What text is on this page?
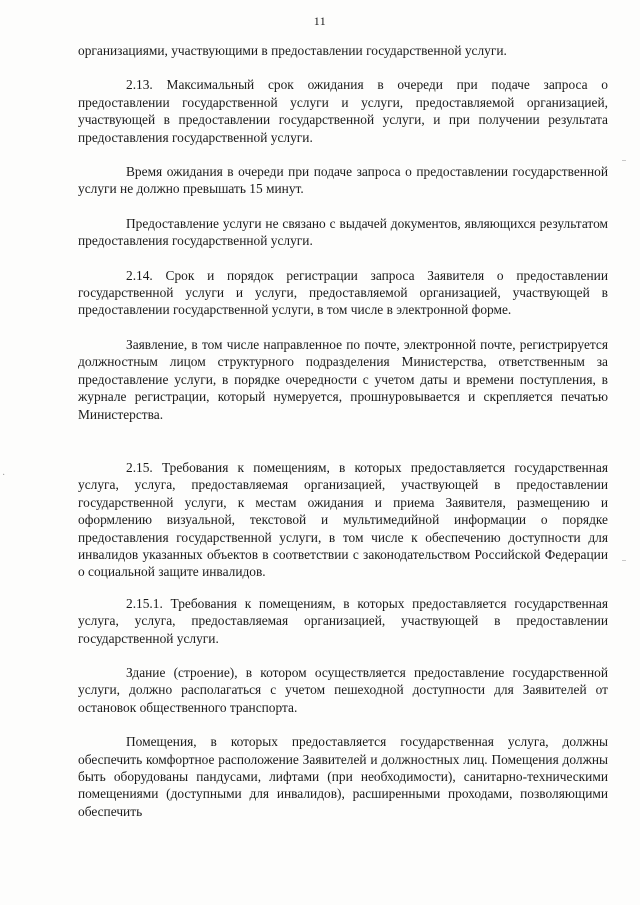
11
·

организациями, участвующими в предоставлении государственной услуги.

2.13. Максимальный срок ожидания в очереди при подаче запроса о предоставлении государственной услуги и услуги, предоставляемой организацией, участвующей в предоставлении государственной услуги, и при получении результата предоставления государственной услуги.

Время ожидания в очереди при подаче запроса о предоставлении государственной услуги не должно превышать 15 минут.

Предоставление услуги не связано с выдачей документов, являющихся результатом предоставления государственной услуги.

2.14. Срок и порядок регистрации запроса Заявителя о предоставлении государственной услуги и услуги, предоставляемой организацией, участвующей в предоставлении государственной услуги, в том числе в электронной форме.

Заявление, в том числе направленное по почте, электронной почте, регистрируется должностным лицом структурного подразделения Министерства, ответственным за предоставление услуги, в порядке очередности с учетом даты и времени поступления, в журнале регистрации, который нумеруется, прошнуровывается и скрепляется печатью Министерства.

2.15. Требования к помещениям, в которых предоставляется государственная услуга, услуга, предоставляемая организацией, участвующей в предоставлении государственной услуги, к местам ожидания и приема Заявителя, размещению и оформлению визуальной, текстовой и мультимедийной информации о порядке предоставления государственной услуги, в том числе к обеспечению доступности для инвалидов указанных объектов в соответствии с законодательством Российской Федерации о социальной защите инвалидов.

2.15.1. Требования к помещениям, в которых предоставляется государственная услуга, услуга, предоставляемая организацией, участвующей в предоставлении государственной услуги.

Здание (строение), в котором осуществляется предоставление государственной услуги, должно располагаться с учетом пешеходной доступности для Заявителей от остановок общественного транспорта.

Помещения, в которых предоставляется государственная услуга, должны обеспечить комфортное расположение Заявителей и должностных лиц. Помещения должны быть оборудованы пандусами, лифтами (при необходимости), санитарно-техническими помещениями (доступными для инвалидов), расширенными проходами, позволяющими обеспечить
